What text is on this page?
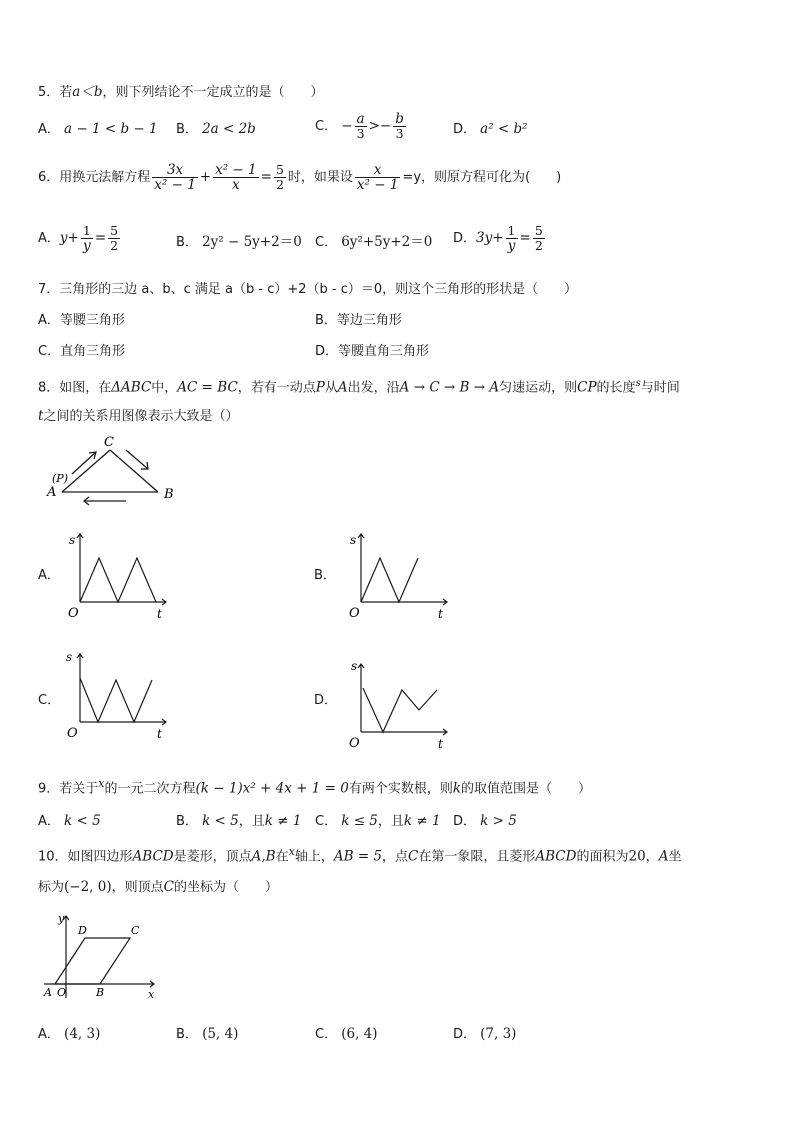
5．若a＜b，则下列结论不一定成立的是（　　）
A． a − 1 < b − 1 B． 2a < 2b	C． − $\frac{a}{3} >- \frac{b}{3}$	D． a² < b²
6．用换元法解方程 $\frac{3x}{\text{x² − 1}} + \frac{\text{x² − 1}}{x} = \frac{5}{2}$ 时，如果设 $\frac{x}{\text{x² − 1}} =y$，则原方程可化为(　　)
A．$y+ \frac{1}{y} = \frac{5}{2}$	B． 2y² − 5y+2＝0 C． 6y²+5y+2＝0 D．$3y+ \frac{1}{y} = \frac{5}{2}$
7．三角形的三边 a、b、c 满足 a（b - c）+2（b - c）＝0，则这个三角形的形状是（　　）
A．等腰三角形	B．等边三角形
C．直角三角形	D．等腰直角三角形
8．如图，在ΔABC中，AC = BC，若有一动点P从A出发，沿A → C → B → A匀速运动，则CP的长度$^s$与时间
t之间的关系用图像表示大致是（）
C
(P)
A	B
A．
s
O	t
B．
s
O	t
C．
s
O	t
D．
s
O	t
9．若关于$^x$的一元二次方程(k − 1)x² + 4x + 1 = 0有两个实数根，则k的取值范围是（　　）
A． k < 5	B． k < 5，且k ≠ 1 C． k ≤ 5，且k ≠ 1 D． k > 5
10．如图四边形ABCD是菱形，顶点A,B在$^x$轴上，AB = 5，点C在第一象限，且菱形ABCD的面积为20，A坐
标为(−2, 0)，则顶点C的坐标为（　　）
y
x
D	C
A O	B
A． (4, 3)	B． (5, 4)	C． (6, 4)	D． (7, 3)
